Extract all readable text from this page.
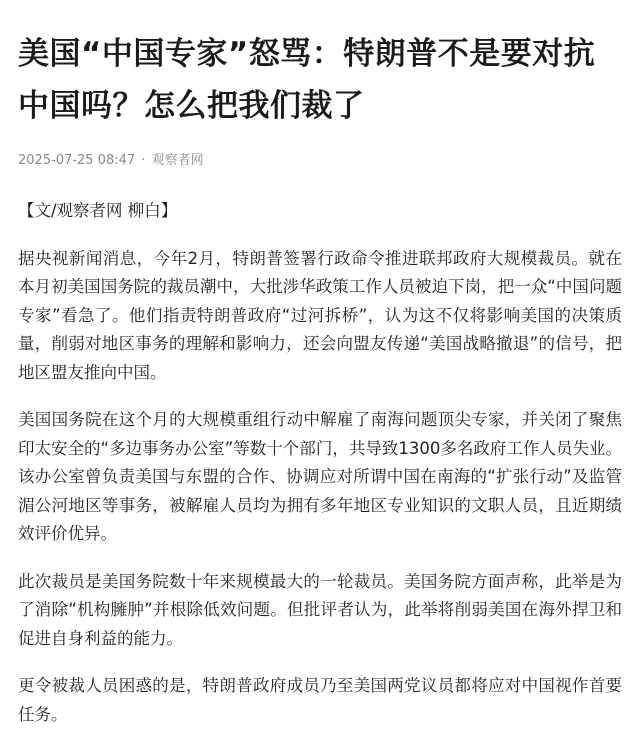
美国“中国专家”怒骂：特朗普不是要对抗中国吗？怎么把我们裁了
2025-07-25 08:47 · 观察者网

【文/观察者网 柳白】

据央视新闻消息，今年2月，特朗普签署行政命令推进联邦政府大规模裁员。就在本月初美国国务院的裁员潮中，大批涉华政策工作人员被迫下岗，把一众“中国问题专家”看急了。他们指责特朗普政府“过河拆桥”，认为这不仅将影响美国的决策质量，削弱对地区事务的理解和影响力，还会向盟友传递“美国战略撤退”的信号，把地区盟友推向中国。

美国国务院在这个月的大规模重组行动中解雇了南海问题顶尖专家，并关闭了聚焦印太安全的“多边事务办公室”等数十个部门，共导致1300多名政府工作人员失业。该办公室曾负责美国与东盟的合作、协调应对所谓中国在南海的“扩张行动”及监管湄公河地区等事务，被解雇人员均为拥有多年地区专业知识的文职人员，且近期绩效评价优异。

此次裁员是美国务院数十年来规模最大的一轮裁员。美国务院方面声称，此举是为了消除“机构臃肿”并根除低效问题。但批评者认为，此举将削弱美国在海外捍卫和促进自身利益的能力。

更令被裁人员困惑的是，特朗普政府成员乃至美国两党议员都将应对中国视作首要任务。
